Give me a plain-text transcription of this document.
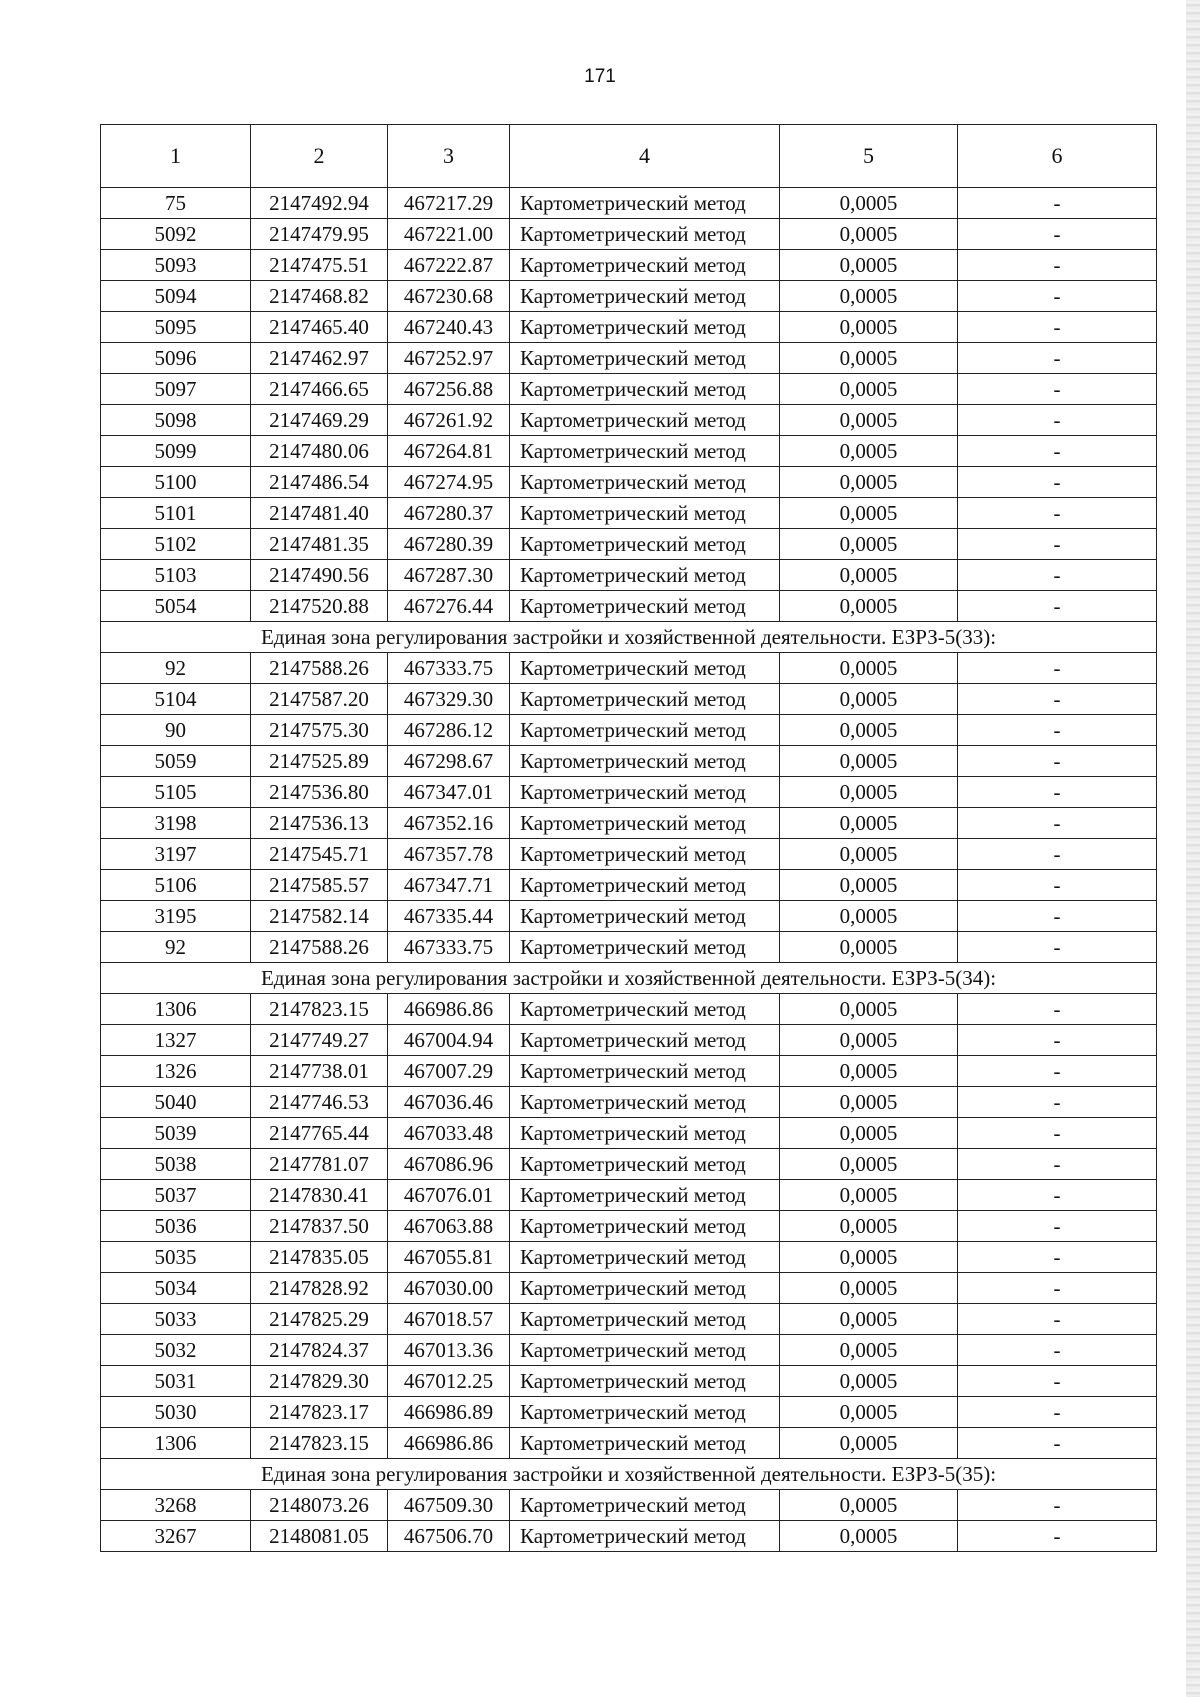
171
1	2	3	4	5	6
75	2147492.94	467217.29	Картометрический метод	0,0005	-
5092	2147479.95	467221.00	Картометрический метод	0,0005	-
5093	2147475.51	467222.87	Картометрический метод	0,0005	-
5094	2147468.82	467230.68	Картометрический метод	0,0005	-
5095	2147465.40	467240.43	Картометрический метод	0,0005	-
5096	2147462.97	467252.97	Картометрический метод	0,0005	-
5097	2147466.65	467256.88	Картометрический метод	0,0005	-
5098	2147469.29	467261.92	Картометрический метод	0,0005	-
5099	2147480.06	467264.81	Картометрический метод	0,0005	-
5100	2147486.54	467274.95	Картометрический метод	0,0005	-
5101	2147481.40	467280.37	Картометрический метод	0,0005	-
5102	2147481.35	467280.39	Картометрический метод	0,0005	-
5103	2147490.56	467287.30	Картометрический метод	0,0005	-
5054	2147520.88	467276.44	Картометрический метод	0,0005	-
Единая зона регулирования застройки и хозяйственной деятельности. ЕЗРЗ-5(33):					
92	2147588.26	467333.75	Картометрический метод	0,0005	-
5104	2147587.20	467329.30	Картометрический метод	0,0005	-
90	2147575.30	467286.12	Картометрический метод	0,0005	-
5059	2147525.89	467298.67	Картометрический метод	0,0005	-
5105	2147536.80	467347.01	Картометрический метод	0,0005	-
3198	2147536.13	467352.16	Картометрический метод	0,0005	-
3197	2147545.71	467357.78	Картометрический метод	0,0005	-
5106	2147585.57	467347.71	Картометрический метод	0,0005	-
3195	2147582.14	467335.44	Картометрический метод	0,0005	-
92	2147588.26	467333.75	Картометрический метод	0,0005	-
Единая зона регулирования застройки и хозяйственной деятельности. ЕЗРЗ-5(34):					
1306	2147823.15	466986.86	Картометрический метод	0,0005	-
1327	2147749.27	467004.94	Картометрический метод	0,0005	-
1326	2147738.01	467007.29	Картометрический метод	0,0005	-
5040	2147746.53	467036.46	Картометрический метод	0,0005	-
5039	2147765.44	467033.48	Картометрический метод	0,0005	-
5038	2147781.07	467086.96	Картометрический метод	0,0005	-
5037	2147830.41	467076.01	Картометрический метод	0,0005	-
5036	2147837.50	467063.88	Картометрический метод	0,0005	-
5035	2147835.05	467055.81	Картометрический метод	0,0005	-
5034	2147828.92	467030.00	Картометрический метод	0,0005	-
5033	2147825.29	467018.57	Картометрический метод	0,0005	-
5032	2147824.37	467013.36	Картометрический метод	0,0005	-
5031	2147829.30	467012.25	Картометрический метод	0,0005	-
5030	2147823.17	466986.89	Картометрический метод	0,0005	-
1306	2147823.15	466986.86	Картометрический метод	0,0005	-
Единая зона регулирования застройки и хозяйственной деятельности. ЕЗРЗ-5(35):					
3268	2148073.26	467509.30	Картометрический метод	0,0005	-
3267	2148081.05	467506.70	Картометрический метод	0,0005	-
